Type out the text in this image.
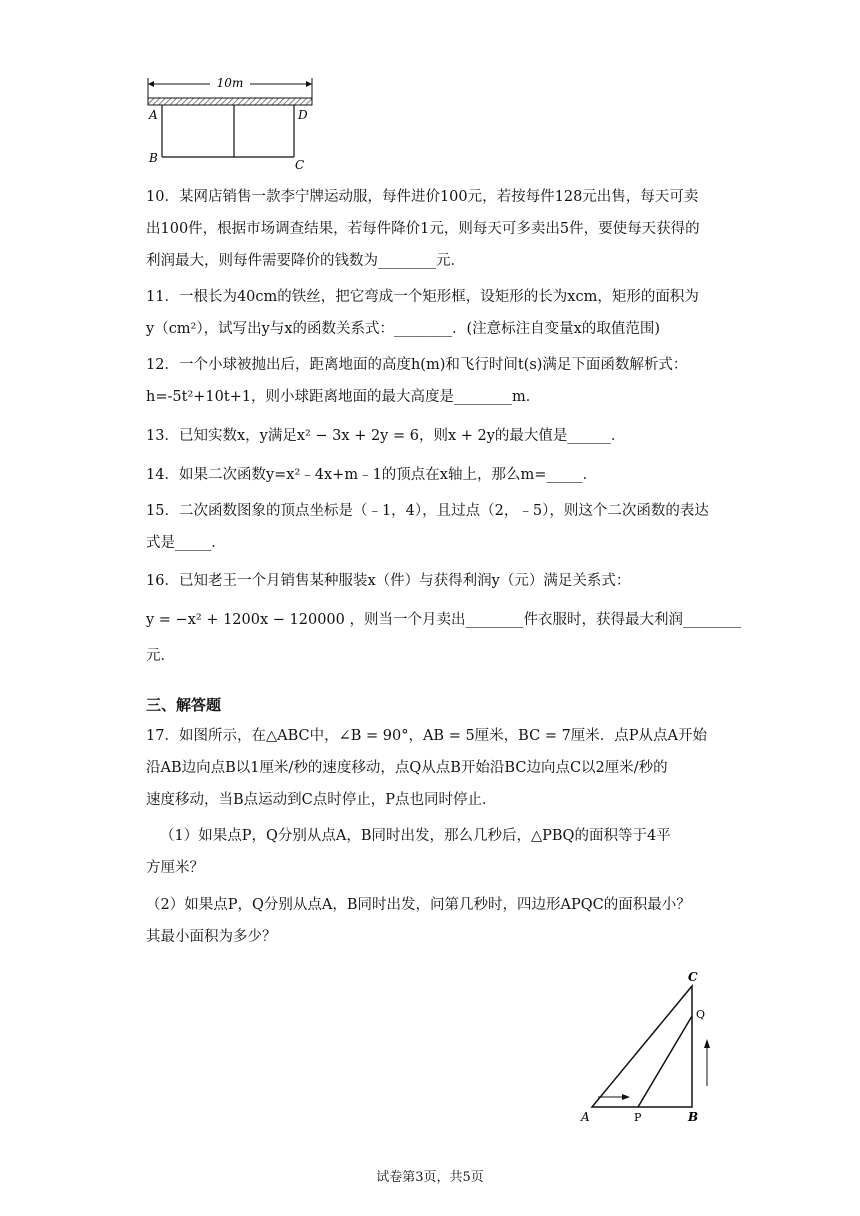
10m
A	D
B	C
10．某网店销售一款李宁牌运动服，每件进价100元，若按每件128元出售，每天可卖
出100件，根据市场调查结果，若每件降价1元，则每天可多卖出5件，要使每天获得的
利润最大，则每件需要降价的钱数为________元．
11．一根长为40cm的铁丝，把它弯成一个矩形框，设矩形的长为xcm，矩形的面积为
y（cm²），试写出y与x的函数关系式：________．(注意标注自变量x的取值范围)
12．一个小球被抛出后，距离地面的高度h(m)和飞行时间t(s)满足下面函数解析式：
h=-5t²+10t+1，则小球距离地面的最大高度是________m．
13．已知实数x，y满足x² − 3x + 2y = 6，则x + 2y的最大值是______．
14．如果二次函数y=x²﹣4x+m﹣1的顶点在x轴上，那么m=_____．
15．二次函数图象的顶点坐标是（﹣1，4），且过点（2，﹣5），则这个二次函数的表达
式是_____．
16．已知老王一个月销售某种服装x（件）与获得利润y（元）满足关系式：
y = −x² + 1200x − 120000 ，则当一个月卖出________件衣服时，获得最大利润________
元．
三、解答题
17．如图所示，在△ABC中，∠B = 90°，AB = 5厘米，BC = 7厘米．点P从点A开始
沿AB边向点B以1厘米/秒的速度移动，点Q从点B开始沿BC边向点C以2厘米/秒的
速度移动，当B点运动到C点时停止，P点也同时停止．
（1）如果点P，Q分别从点A，B同时出发，那么几秒后，△PBQ的面积等于4平
方厘米？
（2）如果点P，Q分别从点A，B同时出发，问第几秒时，四边形APQC的面积最小？
其最小面积为多少？
C
Q
A	P	B
试卷第3页，共5页
